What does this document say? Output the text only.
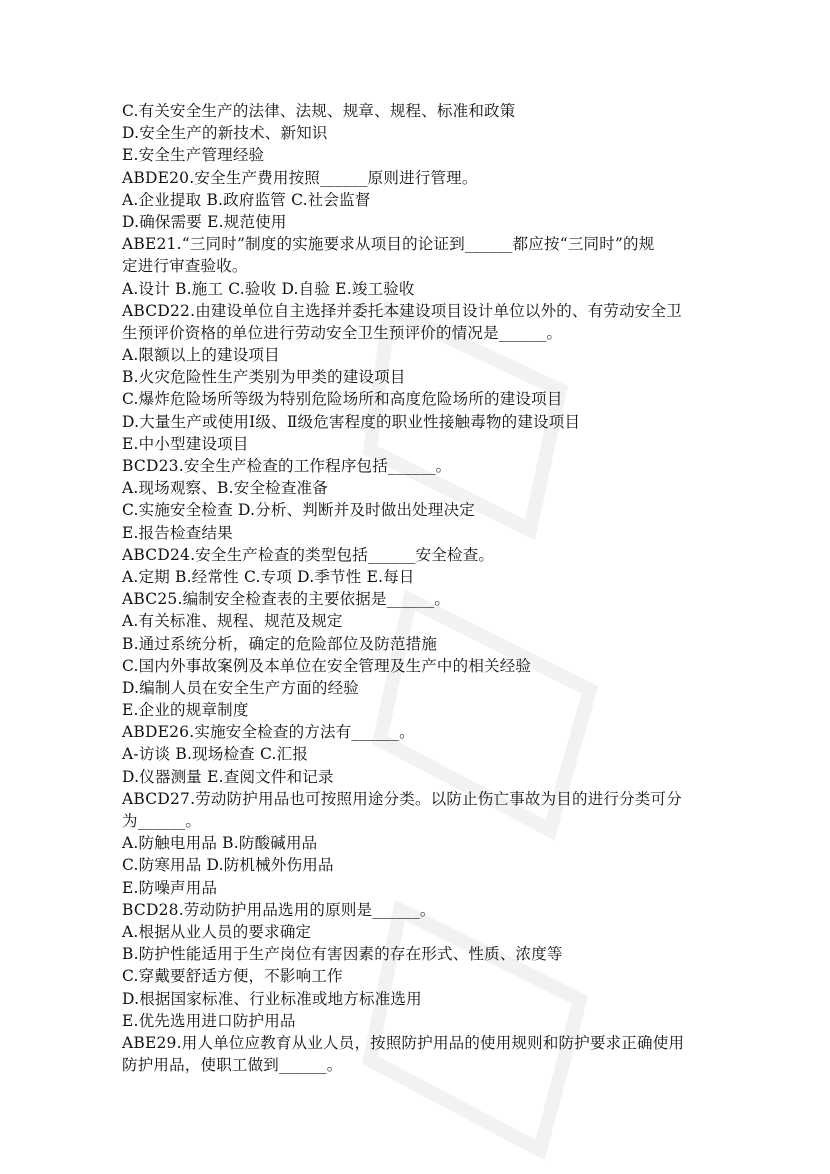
C.有关安全生产的法律、法规、规章、规程、标准和政策
D.安全生产的新技术、新知识
E.安全生产管理经验
ABDE20.安全生产费用按照______原则进行管理。
A.企业提取 B.政府监管 C.社会监督
D.确保需要 E.规范使用
ABE21.“三同时”制度的实施要求从项目的论证到______都应按“三同时”的规
定进行审查验收。
A.设计 B.施工 C.验收 D.自验 E.竣工验收
ABCD22.由建设单位自主选择并委托本建设项目设计单位以外的、有劳动安全卫
生预评价资格的单位进行劳动安全卫生预评价的情况是______。
A.限额以上的建设项目
B.火灾危险性生产类别为甲类的建设项目
C.爆炸危险场所等级为特别危险场所和高度危险场所的建设项目
D.大量生产或使用Ⅰ级、Ⅱ级危害程度的职业性接触毒物的建设项目
E.中小型建设项目
BCD23.安全生产检查的工作程序包括______。
A.现场观察、B.安全检查准备
C.实施安全检查 D.分析、判断并及时做出处理决定
E.报告检查结果
ABCD24.安全生产检查的类型包括______安全检查。
A.定期 B.经常性 C.专项 D.季节性 E.每日
ABC25.编制安全检查表的主要依据是______。
A.有关标准、规程、规范及规定
B.通过系统分析，确定的危险部位及防范措施
C.国内外事故案例及本单位在安全管理及生产中的相关经验
D.编制人员在安全生产方面的经验
E.企业的规章制度
ABDE26.实施安全检查的方法有______。
A-访谈 B.现场检查 C.汇报
D.仪器测量 E.查阅文件和记录
ABCD27.劳动防护用品也可按照用途分类。以防止伤亡事故为目的进行分类可分
为______。
A.防触电用品 B.防酸碱用品
C.防寒用品 D.防机械外伤用品
E.防噪声用品
BCD28.劳动防护用品选用的原则是______。
A.根据从业人员的要求确定
B.防护性能适用于生产岗位有害因素的存在形式、性质、浓度等
C.穿戴要舒适方便，不影响工作
D.根据国家标准、行业标准或地方标准选用
E.优先选用进口防护用品
ABE29.用人单位应教育从业人员，按照防护用品的使用规则和防护要求正确使用
防护用品，使职工做到______。
